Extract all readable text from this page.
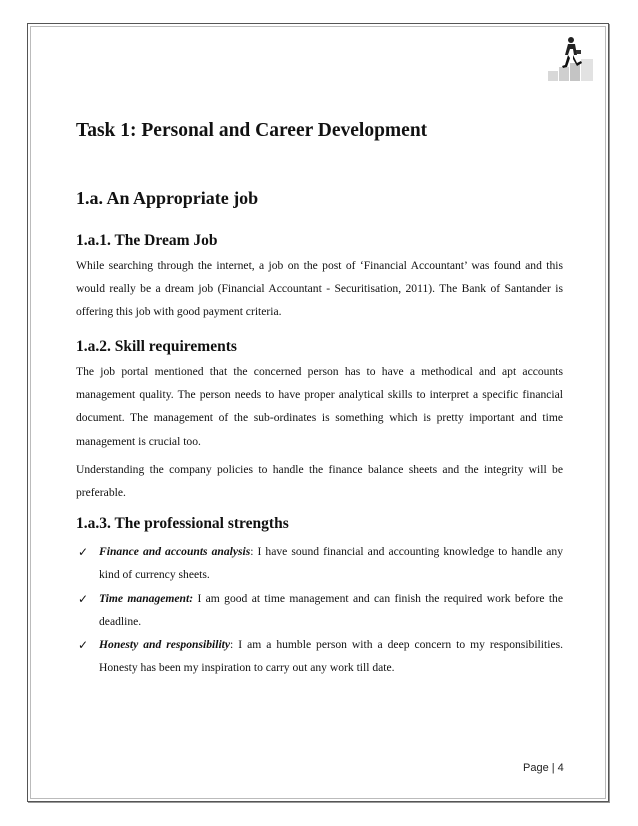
Task 1: Personal and Career Development
1.a. An Appropriate job
1.a.1. The Dream Job

While searching through the internet, a job on the post of ‘Financial Accountant’ was found and this would really be a dream job (Financial Accountant - Securitisation, 2011). The Bank of Santander is offering this job with good payment criteria.

1.a.2. Skill requirements

The job portal mentioned that the concerned person has to have a methodical and apt accounts management quality. The person needs to have proper analytical skills to interpret a specific financial document. The management of the sub-ordinates is something which is pretty important and time management is crucial too.

Understanding the company policies to handle the finance balance sheets and the integrity will be preferable.

1.a.3. The professional strengths
✓ Finance and accounts analysis: I have sound financial and accounting knowledge to handle any kind of currency sheets.

✓ Time management: I am good at time management and can finish the required work before the deadline.

✓ Honesty and responsibility: I am a humble person with a deep concern to my responsibilities. Honesty has been my inspiration to carry out any work till date.

Page | 4
